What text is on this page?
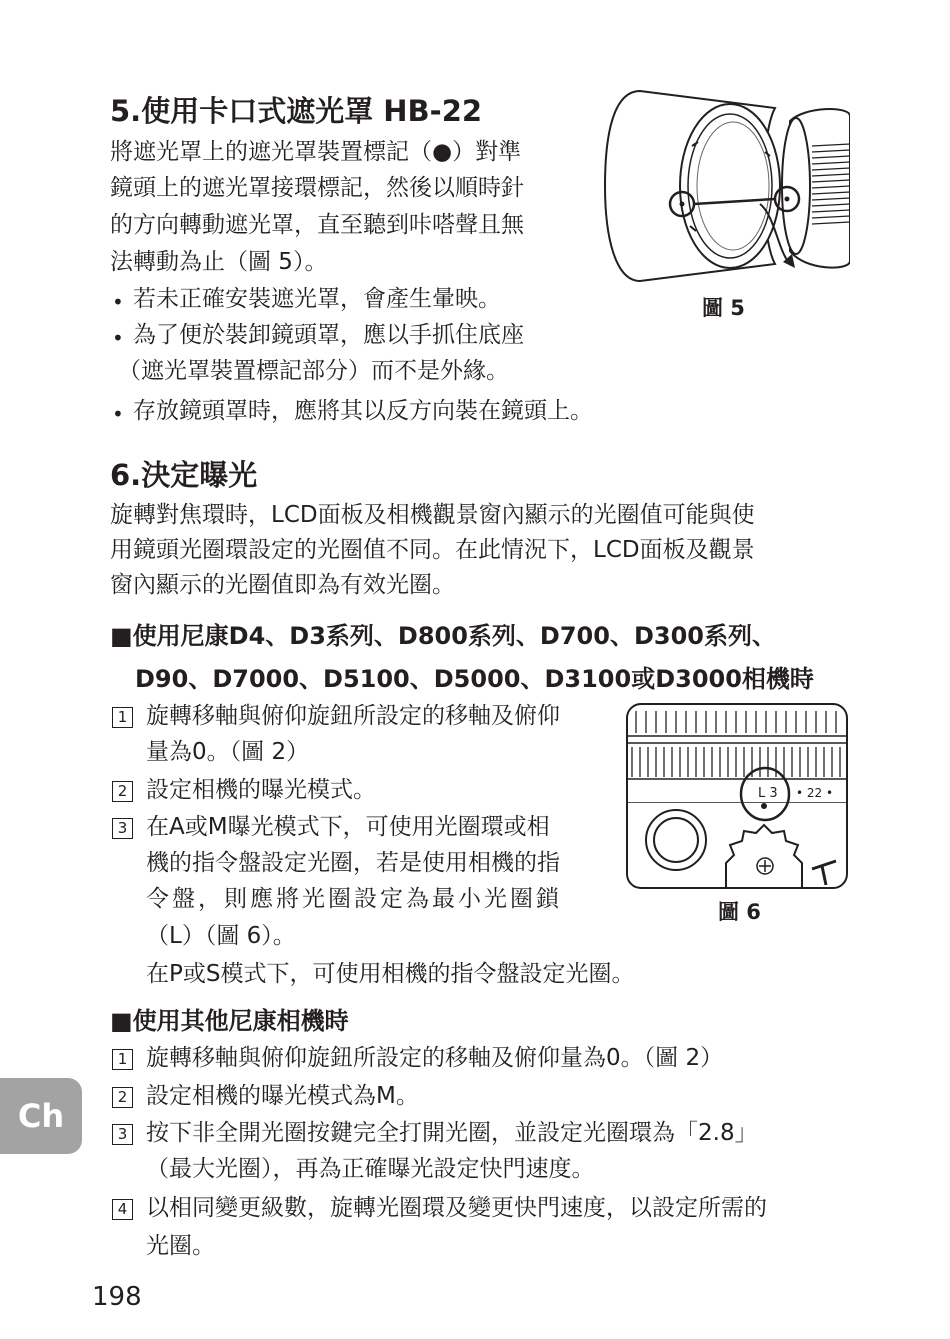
5.使用卡口式遮光罩 HB-22
將遮光罩上的遮光罩裝置標記（●）對準
鏡頭上的遮光罩接環標記，然後以順時針
的方向轉動遮光罩，直至聽到咔嗒聲且無
法轉動為止（圖 5）。
• 若未正確安裝遮光罩，會產生暈映。
• 為了便於裝卸鏡頭罩，應以手抓住底座
（遮光罩裝置標記部分）而不是外緣。
• 存放鏡頭罩時，應將其以反方向裝在鏡頭上。
圖 5
6.決定曝光
旋轉對焦環時，LCD面板及相機觀景窗內顯示的光圈值可能與使
用鏡頭光圈環設定的光圈值不同。在此情況下，LCD面板及觀景
窗內顯示的光圈值即為有效光圈。
■使用尼康D4、D3系列、D800系列、D700、D300系列、
D90、D7000、D5100、D5000、D3100或D3000相機時
1 旋轉移軸與俯仰旋鈕所設定的移軸及俯仰
量為0。（圖 2）
2 設定相機的曝光模式。
3 在A或M曝光模式下，可使用光圈環或相
機的指令盤設定光圈，若是使用相機的指
令盤，則應將光圈設定為最小光圈鎖
（L）（圖 6）。
在P或S模式下，可使用相機的指令盤設定光圈。
L 3 • 22 •
圖 6
■使用其他尼康相機時
1 旋轉移軸與俯仰旋鈕所設定的移軸及俯仰量為0。（圖 2）
2 設定相機的曝光模式為M。
3 按下非全開光圈按鍵完全打開光圈，並設定光圈環為「2.8」
（最大光圈），再為正確曝光設定快門速度。
4 以相同變更級數，旋轉光圈環及變更快門速度，以設定所需的
光圈。
Ch
198
